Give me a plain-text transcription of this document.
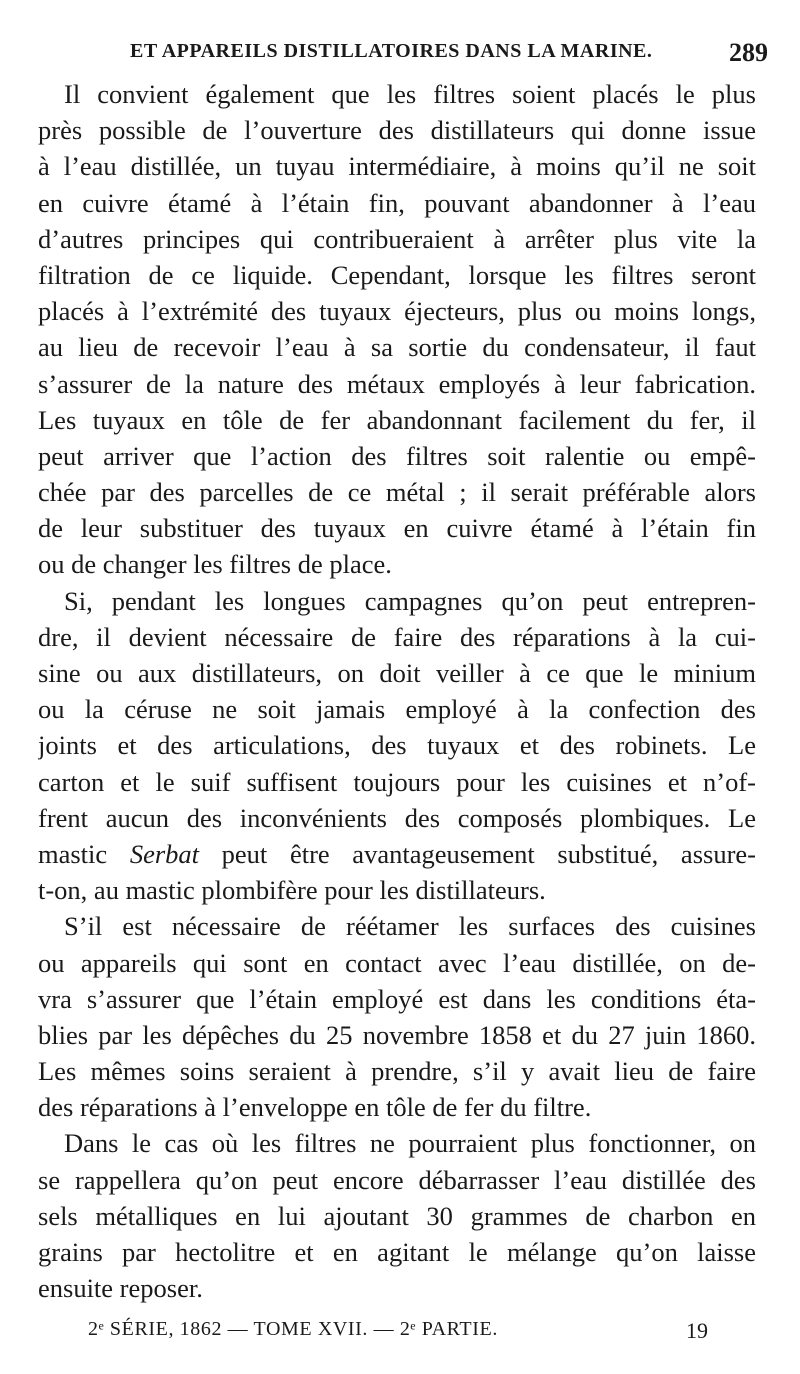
ET APPAREILS DISTILLATOIRES DANS LA MARINE.	289
Il convient également que les filtres soient placés le plus
près possible de l’ouverture des distillateurs qui donne issue
à l’eau distillée, un tuyau intermédiaire, à moins qu’il ne soit
en cuivre étamé à l’étain fin, pouvant abandonner à l’eau
d’autres principes qui contribueraient à arrêter plus vite la
filtration de ce liquide. Cependant, lorsque les filtres seront
placés à l’extrémité des tuyaux éjecteurs, plus ou moins longs,
au lieu de recevoir l’eau à sa sortie du condensateur, il faut
s’assurer de la nature des métaux employés à leur fabrication.
Les tuyaux en tôle de fer abandonnant facilement du fer, il
peut arriver que l’action des filtres soit ralentie ou empê-
chée par des parcelles de ce métal ; il serait préférable alors
de leur substituer des tuyaux en cuivre étamé à l’étain fin
ou de changer les filtres de place.
Si, pendant les longues campagnes qu’on peut entrepren-
dre, il devient nécessaire de faire des réparations à la cui-
sine ou aux distillateurs, on doit veiller à ce que le minium
ou la céruse ne soit jamais employé à la confection des
joints et des articulations, des tuyaux et des robinets. Le
carton et le suif suffisent toujours pour les cuisines et n’of-
frent aucun des inconvénients des composés plombiques. Le
mastic Serbat peut être avantageusement substitué, assure-
t-on, au mastic plombifère pour les distillateurs.
S’il est nécessaire de réétamer les surfaces des cuisines
ou appareils qui sont en contact avec l’eau distillée, on de-
vra s’assurer que l’étain employé est dans les conditions éta-
blies par les dépêches du 25 novembre 1858 et du 27 juin 1860.
Les mêmes soins seraient à prendre, s’il y avait lieu de faire
des réparations à l’enveloppe en tôle de fer du filtre.
Dans le cas où les filtres ne pourraient plus fonctionner, on
se rappellera qu’on peut encore débarrasser l’eau distillée des
sels métalliques en lui ajoutant 30 grammes de charbon en
grains par hectolitre et en agitant le mélange qu’on laisse
ensuite reposer.
2ᵉ SÉRIE, 1862 — TOME XVII. — 2ᵉ PARTIE.	19
